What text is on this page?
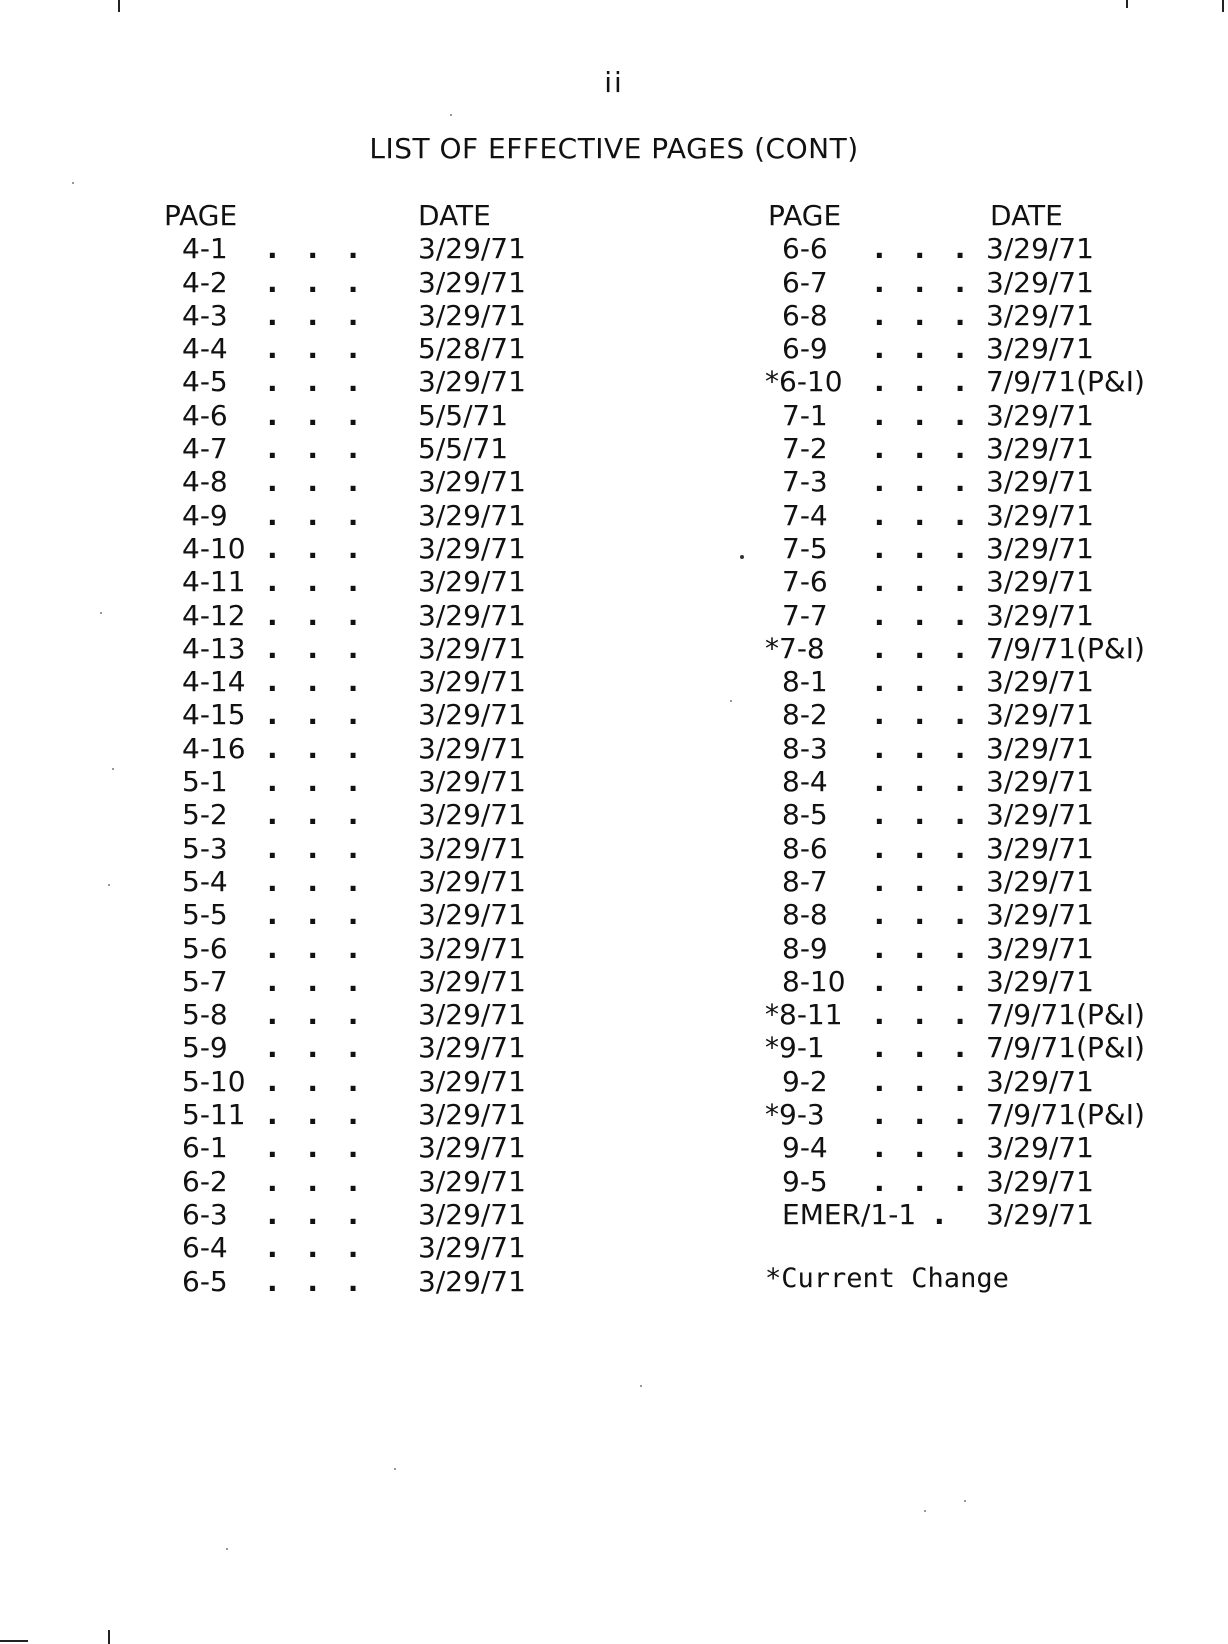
ii
LIST OF EFFECTIVE PAGES (CONT)
PAGE	DATE
4-1 . . . 3/29/71
4-2 . . . 3/29/71
4-3 . . . 3/29/71
4-4 . . . 5/28/71
4-5 . . . 3/29/71
4-6 . . . 5/5/71
4-7 . . . 5/5/71
4-8 . . . 3/29/71
4-9 . . . 3/29/71
4-10 . . . 3/29/71
4-11 . . . 3/29/71
4-12 . . . 3/29/71
4-13 . . . 3/29/71
4-14 . . . 3/29/71
4-15 . . . 3/29/71
4-16 . . . 3/29/71
5-1 . . . 3/29/71
5-2 . . . 3/29/71
5-3 . . . 3/29/71
5-4 . . . 3/29/71
5-5 . . . 3/29/71
5-6 . . . 3/29/71
5-7 . . . 3/29/71
5-8 . . . 3/29/71
5-9 . . . 3/29/71
5-10 . . . 3/29/71
5-11 . . . 3/29/71
6-1 . . . 3/29/71
6-2 . . . 3/29/71
6-3 . . . 3/29/71
6-4 . . . 3/29/71
6-5 . . . 3/29/71
PAGE	DATE
6-6 . . . 3/29/71
6-7 . . . 3/29/71
6-8 . . . 3/29/71
6-9 . . . 3/29/71
*6-10 . . . 7/9/71(P&I)
7-1 . . . 3/29/71
7-2 . . . 3/29/71
7-3 . . . 3/29/71
7-4 . . . 3/29/71
7-5 . . . 3/29/71
7-6 . . . 3/29/71
7-7 . . . 3/29/71
*7-8 . . . 7/9/71(P&I)
8-1 . . . 3/29/71
8-2 . . . 3/29/71
8-3 . . . 3/29/71
8-4 . . . 3/29/71
8-5 . . . 3/29/71
8-6 . . . 3/29/71
8-7 . . . 3/29/71
8-8 . . . 3/29/71
8-9 . . . 3/29/71
8-10 . . . 3/29/71
*8-11 . . . 7/9/71(P&I)
*9-1 . . . 7/9/71(P&I)
9-2 . . . 3/29/71
*9-3 . . . 7/9/71(P&I)
9-4 . . . 3/29/71
9-5 . . . 3/29/71
EMER/1-1 . 3/29/71
*Current Change
